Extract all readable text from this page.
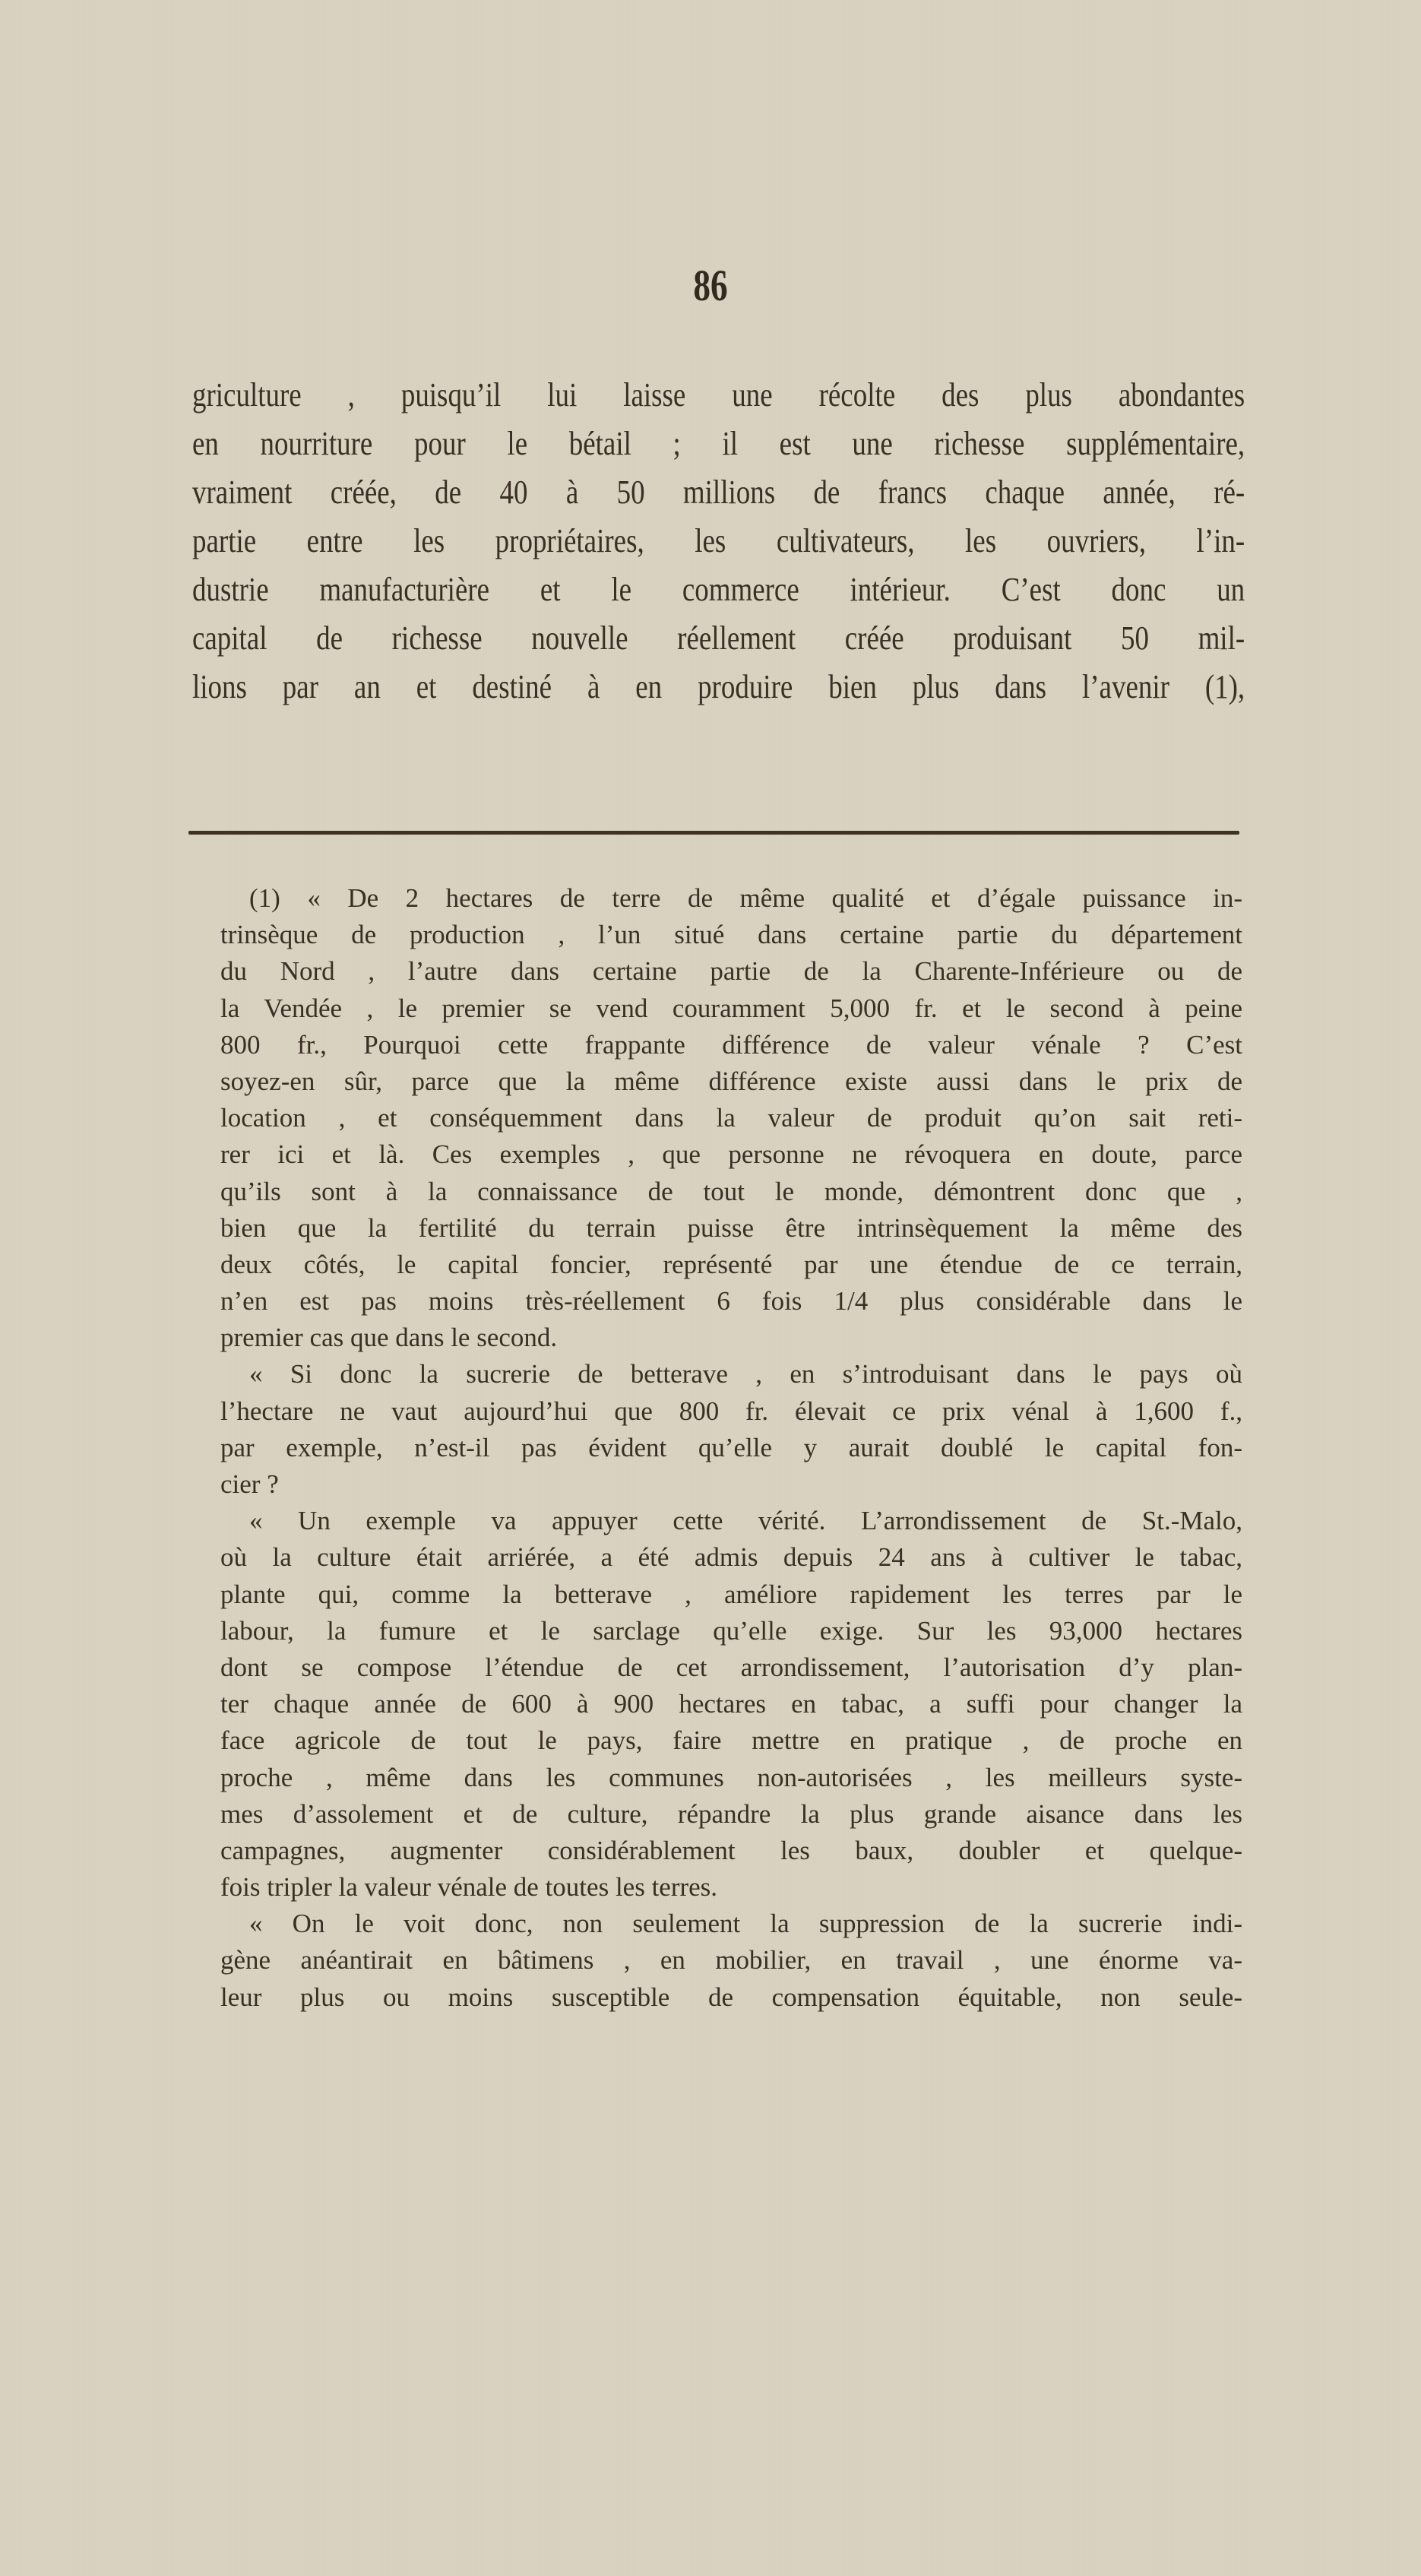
86
griculture , puisqu’il lui laisse une récolte des plus abondantes
en nourriture pour le bétail ; il est une richesse supplémentaire,
vraiment créée, de 40 à 50 millions de francs chaque année, ré-
partie entre les propriétaires, les cultivateurs, les ouvriers, l’in-
dustrie manufacturière et le commerce intérieur. C’est donc un
capital de richesse nouvelle réellement créée produisant 50 mil-
lions par an et destiné à en produire bien plus dans l’avenir (1),
(1) « De 2 hectares de terre de même qualité et d’égale puissance in-
trinsèque de production , l’un situé dans certaine partie du département
du Nord , l’autre dans certaine partie de la Charente-Inférieure ou de
la Vendée , le premier se vend couramment 5,000 fr. et le second à peine
800 fr., Pourquoi cette frappante différence de valeur vénale ? C’est
soyez-en sûr, parce que la même différence existe aussi dans le prix de
location , et conséquemment dans la valeur de produit qu’on sait reti-
rer ici et là. Ces exemples , que personne ne révoquera en doute, parce
qu’ils sont à la connaissance de tout le monde, démontrent donc que ,
bien que la fertilité du terrain puisse être intrinsèquement la même des
deux côtés, le capital foncier, représenté par une étendue de ce terrain,
n’en est pas moins très-réellement 6 fois 1/4 plus considérable dans le
premier cas que dans le second.
« Si donc la sucrerie de betterave , en s’introduisant dans le pays où
l’hectare ne vaut aujourd’hui que 800 fr. élevait ce prix vénal à 1,600 f.,
par exemple, n’est-il pas évident qu’elle y aurait doublé le capital fon-
cier ?
« Un exemple va appuyer cette vérité. L’arrondissement de St.-Malo,
où la culture était arriérée, a été admis depuis 24 ans à cultiver le tabac,
plante qui, comme la betterave , améliore rapidement les terres par le
labour, la fumure et le sarclage qu’elle exige. Sur les 93,000 hectares
dont se compose l’étendue de cet arrondissement, l’autorisation d’y plan-
ter chaque année de 600 à 900 hectares en tabac, a suffi pour changer la
face agricole de tout le pays, faire mettre en pratique , de proche en
proche , même dans les communes non-autorisées , les meilleurs syste-
mes d’assolement et de culture, répandre la plus grande aisance dans les
campagnes, augmenter considérablement les baux, doubler et quelque-
fois tripler la valeur vénale de toutes les terres.
« On le voit donc, non seulement la suppression de la sucrerie indi-
gène anéantirait en bâtimens , en mobilier, en travail , une énorme va-
leur plus ou moins susceptible de compensation équitable, non seule-
